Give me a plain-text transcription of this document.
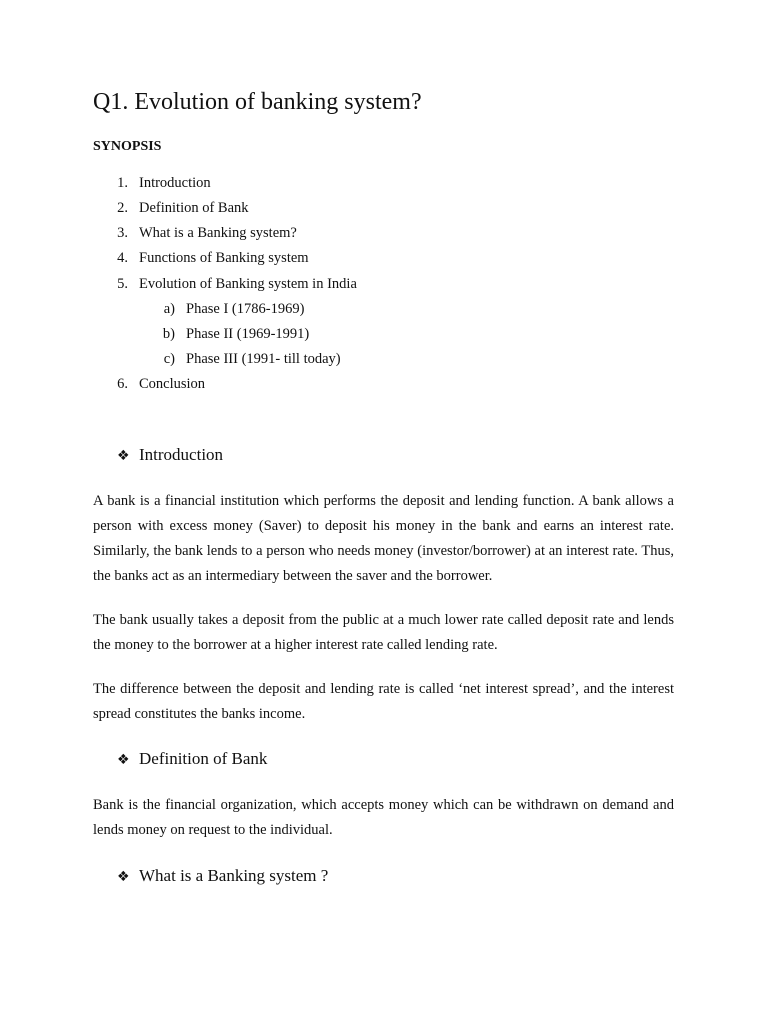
Q1. Evolution of banking system?
SYNOPSIS
1. Introduction
2. Definition of Bank
3. What is a Banking system?
4. Functions of Banking system
5. Evolution of Banking system in India
a) Phase I (1786-1969)
b) Phase II (1969-1991)
c) Phase III (1991- till today)
6. Conclusion
❖ Introduction

A bank is a financial institution which performs the deposit and lending function. A bank allows a person with excess money (Saver) to deposit his money in the bank and earns an interest rate. Similarly, the bank lends to a person who needs money (investor/borrower) at an interest rate. Thus, the banks act as an intermediary between the saver and the borrower.

The bank usually takes a deposit from the public at a much lower rate called deposit rate and lends the money to the borrower at a higher interest rate called lending rate.

The difference between the deposit and lending rate is called ‘net interest spread’, and the interest spread constitutes the banks income.

❖ Definition of Bank

Bank is the financial organization, which accepts money which can be withdrawn on demand and lends money on request to the individual.

❖ What is a Banking system ?
